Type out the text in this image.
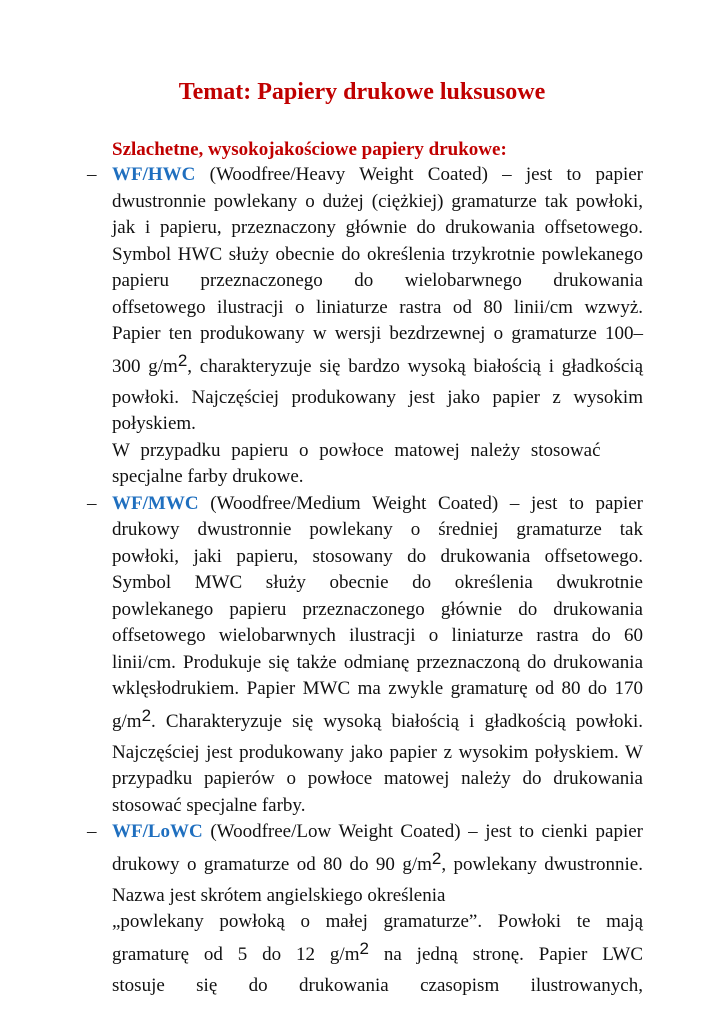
Temat: Papiery drukowe luksusowe

Szlachetne, wysokojakościowe papiery drukowe:

– WF/HWC (Woodfree/Heavy Weight Coated) – jest to papier
dwustronnie powlekany o dużej (ciężkiej) gramaturze tak powłoki,
jak i papieru, przeznaczony głównie do drukowania offsetowego.
Symbol HWC służy obecnie do określenia trzykrotnie powlekanego
papieru przeznaczonego do wielobarwnego drukowania
offsetowego ilustracji o liniaturze rastra od 80 linii/cm wzwyż.
Papier ten produkowany w wersji bezdrzewnej o gramaturze 100–
300 $g/m^2$, charakteryzuje się bardzo wysoką białością i gładkością
powłoki. Najczęściej produkowany jest jako papier z wysokim
połyskiem.
W przypadku papieru o powłoce matowej należy stosować
specjalne farby drukowe.
– WF/MWC (Woodfree/Medium Weight Coated) – jest to papier
drukowy dwustronnie powlekany o średniej gramaturze tak
powłoki, jaki papieru, stosowany do drukowania offsetowego.
Symbol MWC służy obecnie do określenia dwukrotnie
powlekanego papieru przeznaczonego głównie do drukowania
offsetowego wielobarwnych ilustracji o liniaturze rastra do 60
linii/cm. Produkuje się także odmianę przeznaczoną do drukowania
wklęsłodrukiem. Papier MWC ma zwykle gramaturę od 80 do 170
$g/m^2$. Charakteryzuje się wysoką białością i gładkością powłoki.
Najczęściej jest produkowany jako papier z wysokim połyskiem. W
przypadku papierów o powłoce matowej należy do drukowania
stosować specjalne farby.
– WF/LoWC (Woodfree/Low Weight Coated) – jest to cienki papier
drukowy o gramaturze od 80 do 90 $g/m^2$, powlekany dwustronnie.
Nazwa jest skrótem angielskiego określenia
„powlekany powłoką o małej gramaturze”. Powłoki te mają
gramaturę od 5 do 12 $g/m^2$ na jedną stronę. Papier LWC
stosuje się do drukowania czasopism ilustrowanych,
